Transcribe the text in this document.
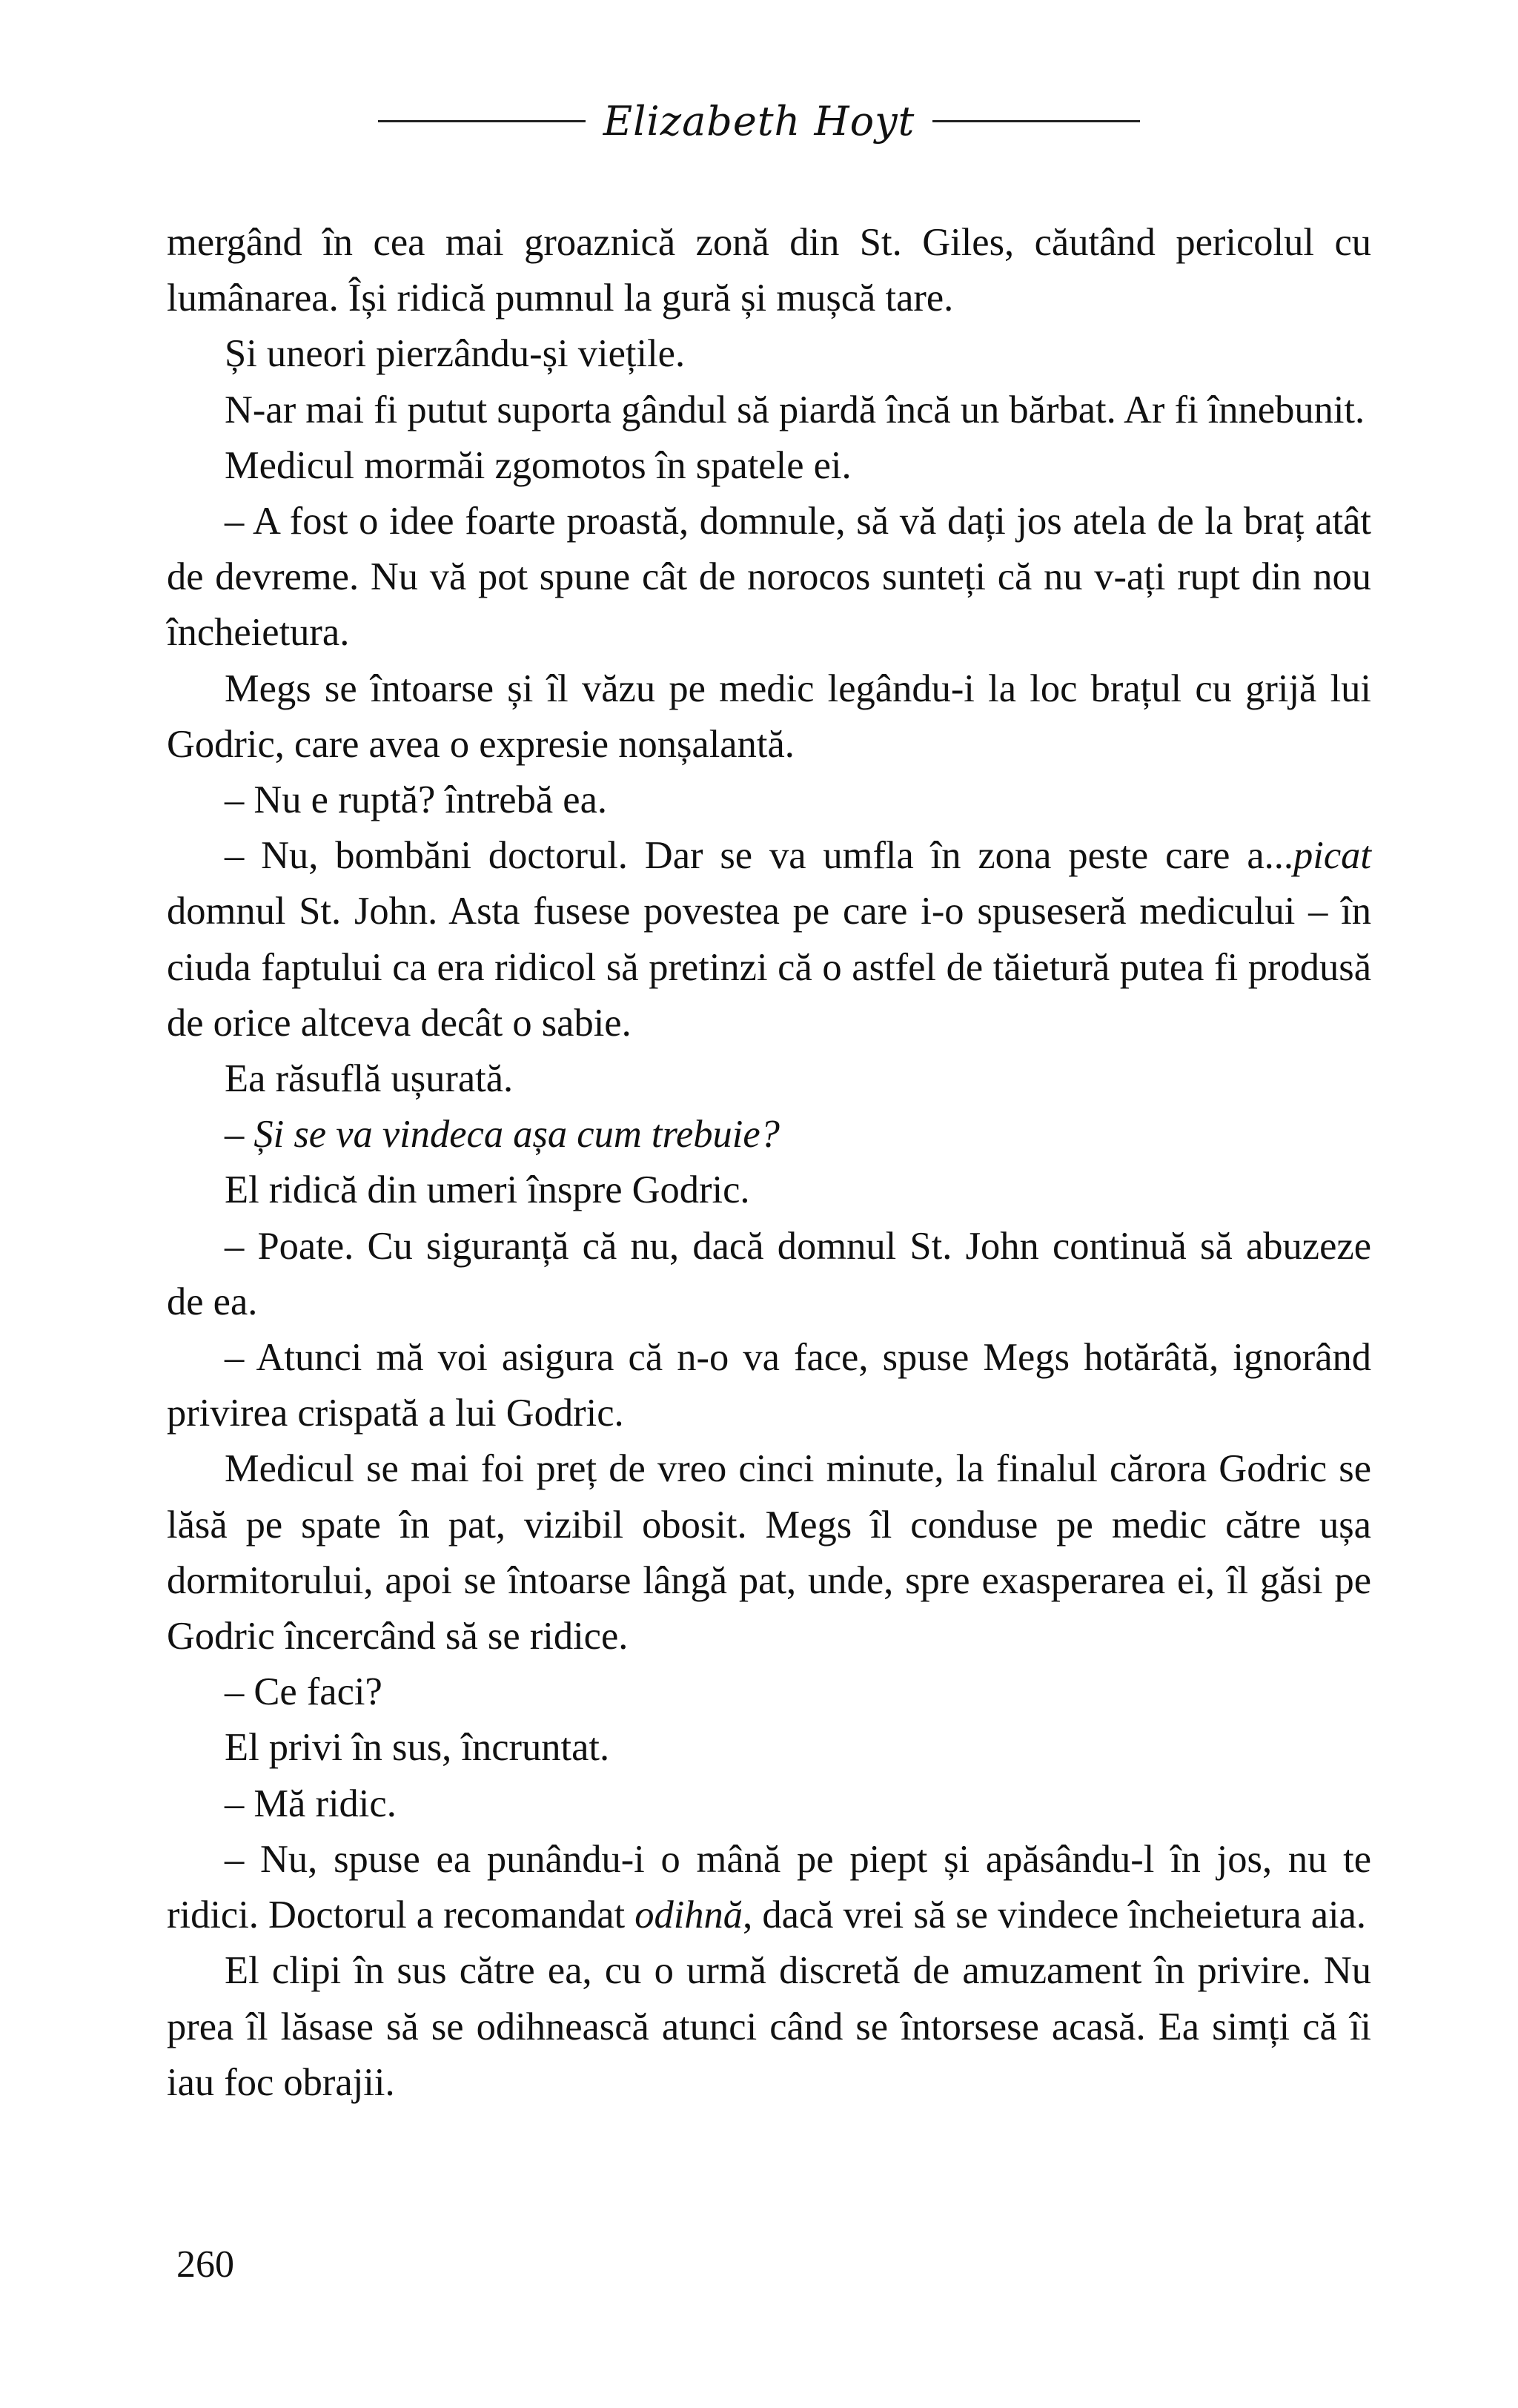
Elizabeth Hoyt

mergând în cea mai groaznică zonă din St. Giles, căutând pericolul cu lumânarea. Își ridică pumnul la gură și mușcă tare.

Și uneori pierzându-și viețile.

N-ar mai fi putut suporta gândul să piardă încă un bărbat. Ar fi înnebunit.

Medicul mormăi zgomotos în spatele ei.

– A fost o idee foarte proastă, domnule, să vă dați jos atela de la braț atât de devreme. Nu vă pot spune cât de norocos sunteți că nu v-ați rupt din nou încheietura.

Megs se întoarse și îl văzu pe medic legându-i la loc brațul cu grijă lui Godric, care avea o expresie nonșalantă.

– Nu e ruptă? întrebă ea.

– Nu, bombăni doctorul. Dar se va umfla în zona peste care a...picat domnul St. John. Asta fusese povestea pe care i-o spuseseră medicului – în ciuda faptului ca era ridicol să pretinzi că o astfel de tăietură putea fi produsă de orice altceva decât o sabie.

Ea răsuflă ușurată.

– Și se va vindeca așa cum trebuie?

El ridică din umeri înspre Godric.

– Poate. Cu siguranță că nu, dacă domnul St. John continuă să abuzeze de ea.

– Atunci mă voi asigura că n-o va face, spuse Megs hotărâtă, ignorând privirea crispată a lui Godric.

Medicul se mai foi preț de vreo cinci minute, la finalul cărora Godric se lăsă pe spate în pat, vizibil obosit. Megs îl conduse pe medic către ușa dormitorului, apoi se întoarse lângă pat, unde, spre exasperarea ei, îl găsi pe Godric încercând să se ridice.

– Ce faci?

El privi în sus, încruntat.

– Mă ridic.

– Nu, spuse ea punându-i o mână pe piept și apăsându-l în jos, nu te ridici. Doctorul a recomandat odihnă, dacă vrei să se vindece încheietura aia.

El clipi în sus către ea, cu o urmă discretă de amuzament în privire. Nu prea îl lăsase să se odihnească atunci când se întorsese acasă. Ea simți că îi iau foc obrajii.

260
